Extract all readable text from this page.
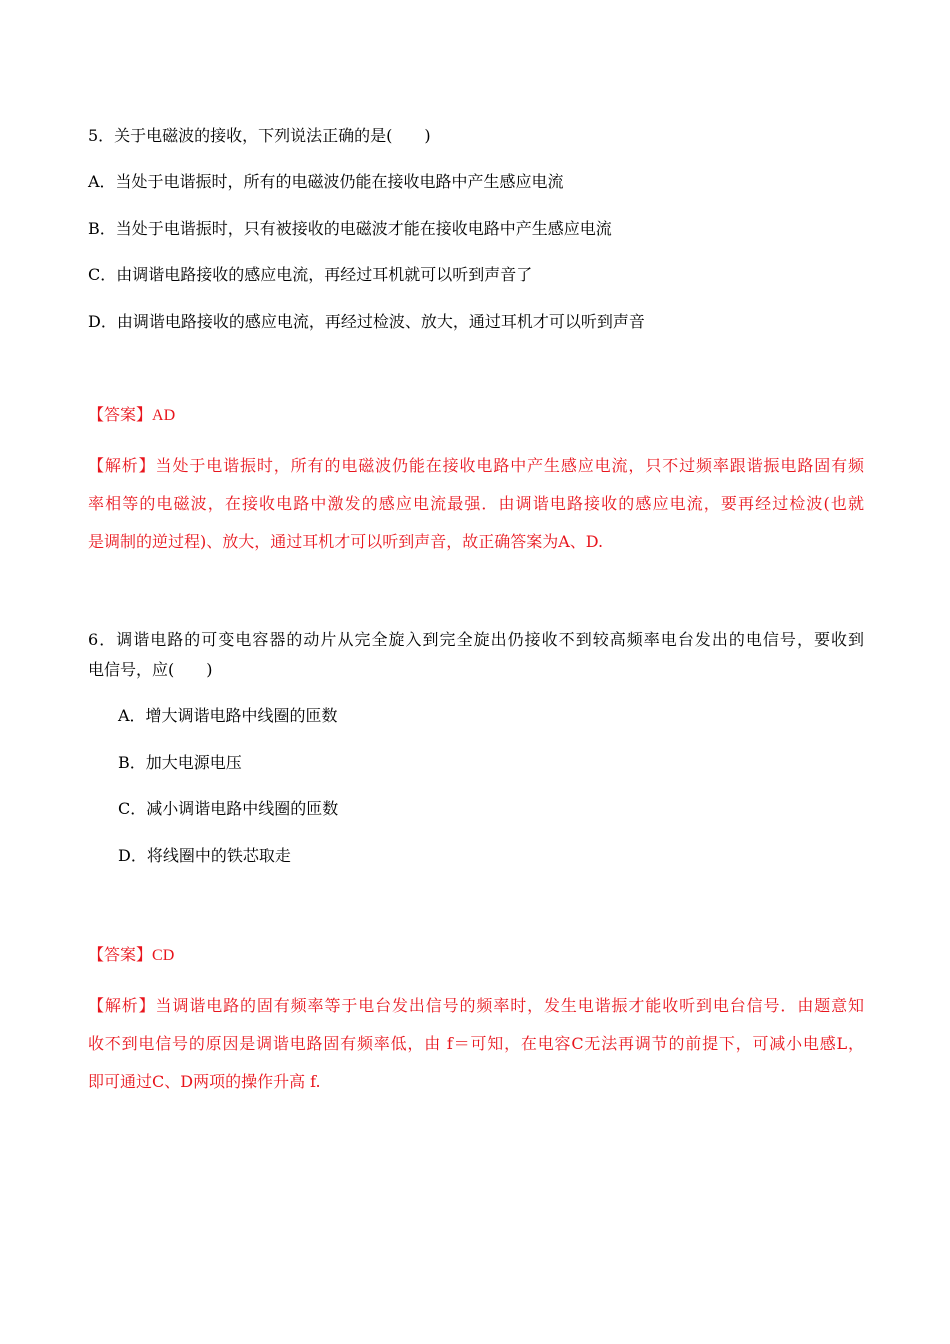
5．关于电磁波的接收，下列说法正确的是(　　)
A．当处于电谐振时，所有的电磁波仍能在接收电路中产生感应电流
B．当处于电谐振时，只有被接收的电磁波才能在接收电路中产生感应电流
C．由调谐电路接收的感应电流，再经过耳机就可以听到声音了
D．由调谐电路接收的感应电流，再经过检波、放大，通过耳机才可以听到声音
【答案】AD
【解析】当处于电谐振时，所有的电磁波仍能在接收电路中产生感应电流，只不过频率跟谐振电路固有频
率相等的电磁波，在接收电路中激发的感应电流最强．由调谐电路接收的感应电流，要再经过检波(也就
是调制的逆过程)、放大，通过耳机才可以听到声音，故正确答案为A、D.
6．调谐电路的可变电容器的动片从完全旋入到完全旋出仍接收不到较高频率电台发出的电信号，要收到
电信号，应(　　)
A．增大调谐电路中线圈的匝数
B．加大电源电压
C．减小调谐电路中线圈的匝数
D．将线圈中的铁芯取走
【答案】CD
【解析】当调谐电路的固有频率等于电台发出信号的频率时，发生电谐振才能收听到电台信号．由题意知
收不到电信号的原因是调谐电路固有频率低，由 f＝可知，在电容C无法再调节的前提下，可减小电感L，
即可通过C、D两项的操作升高 f.
